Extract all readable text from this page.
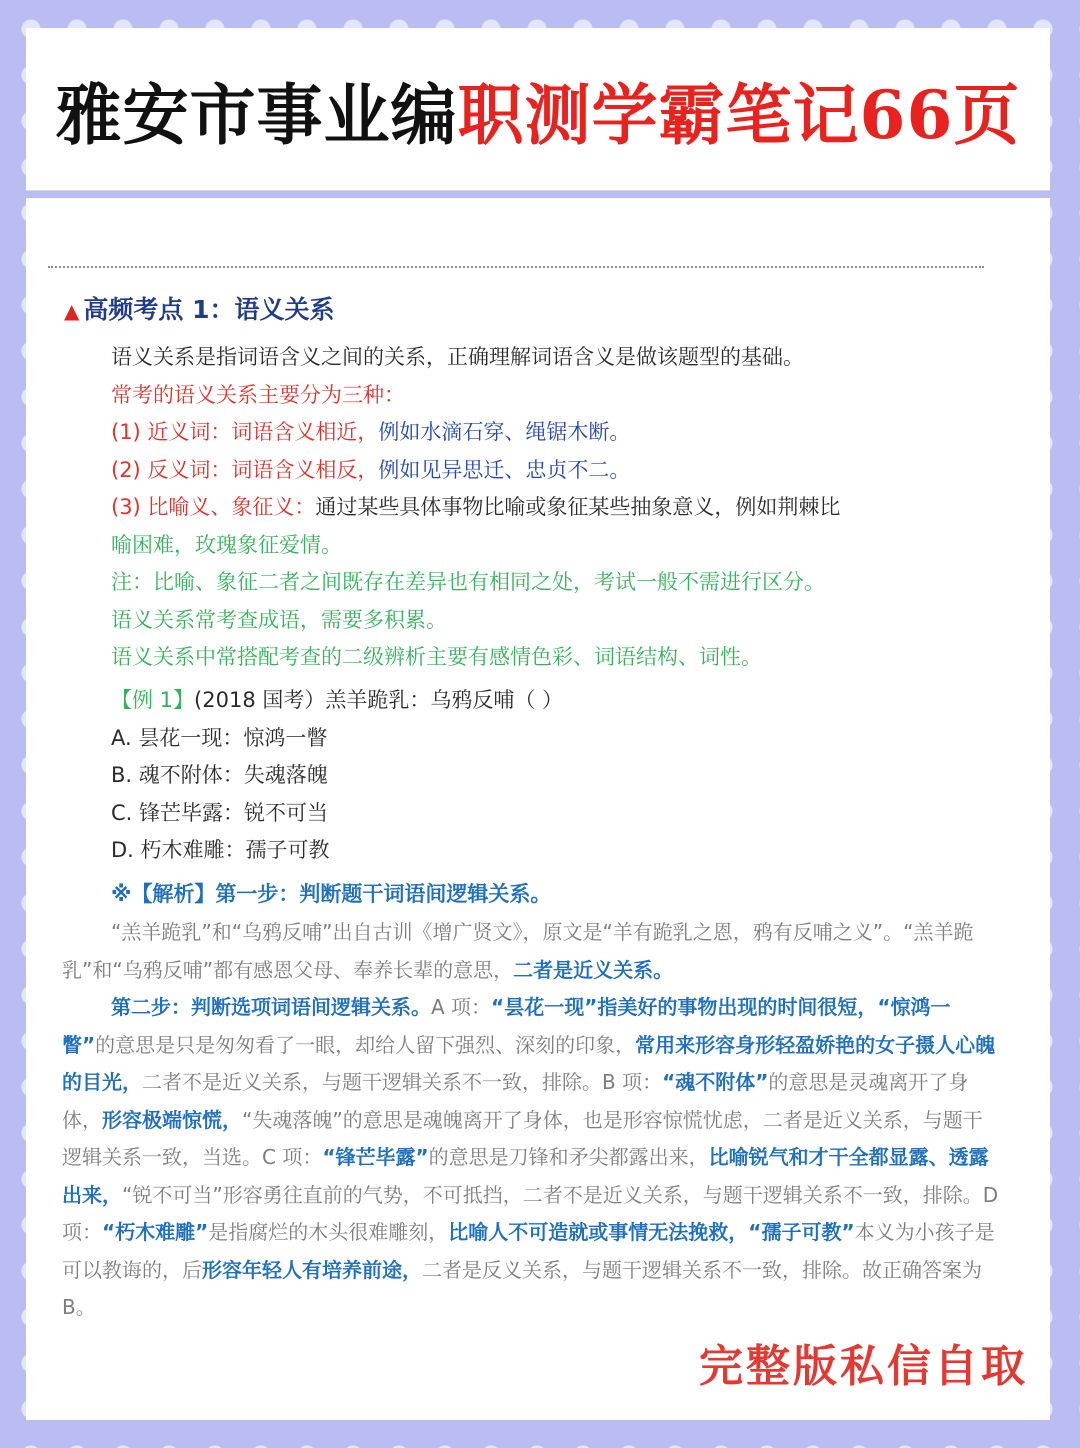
雅安市事业编职测学霸笔记66页
▲ 高频考点 1：语义关系
语义关系是指词语含义之间的关系，正确理解词语含义是做该题型的基础。
常考的语义关系主要分为三种：
(1) 近义词：词语含义相近，例如水滴石穿、绳锯木断。
(2) 反义词：词语含义相反，例如见异思迁、忠贞不二。
(3) 比喻义、象征义：通过某些具体事物比喻或象征某些抽象意义，例如荆棘比
喻困难，玫瑰象征爱情。
注：比喻、象征二者之间既存在差异也有相同之处，考试一般不需进行区分。
语义关系常考查成语，需要多积累。
语义关系中常搭配考查的二级辨析主要有感情色彩、词语结构、词性。
【例 1】(2018 国考）羔羊跪乳：乌鸦反哺（ ）
A. 昙花一现：惊鸿一瞥
B. 魂不附体：失魂落魄
C. 锋芒毕露：锐不可当
D. 朽木难雕：孺子可教
※【解析】第一步：判断题干词语间逻辑关系。
“羔羊跪乳”和“乌鸦反哺”出自古训《增广贤文》，原文是“羊有跪乳之恩，鸦有反哺之义”。“羔羊跪乳”和“乌鸦反哺”都有感恩父母、奉养长辈的意思，二者是近义关系。
第二步：判断选项词语间逻辑关系。A 项：“昙花一现”指美好的事物出现的时间很短，“惊鸿一瞥”的意思是只是匆匆看了一眼，却给人留下强烈、深刻的印象，常用来形容身形轻盈娇艳的女子摄人心魄的目光，二者不是近义关系，与题干逻辑关系不一致，排除。B 项：“魂不附体”的意思是灵魂离开了身体，形容极端惊慌，“失魂落魄”的意思是魂魄离开了身体，也是形容惊慌忧虑，二者是近义关系，与题干逻辑关系一致，当选。C 项：“锋芒毕露”的意思是刀锋和矛尖都露出来，比喻锐气和才干全都显露、透露出来，“锐不可当”形容勇往直前的气势，不可抵挡，二者不是近义关系，与题干逻辑关系不一致，排除。D 项：“朽木难雕”是指腐烂的木头很难雕刻，比喻人不可造就或事情无法挽救，“孺子可教”本义为小孩子是可以教诲的，后形容年轻人有培养前途，二者是反义关系，与题干逻辑关系不一致，排除。故正确答案为 B。
完整版私信自取
